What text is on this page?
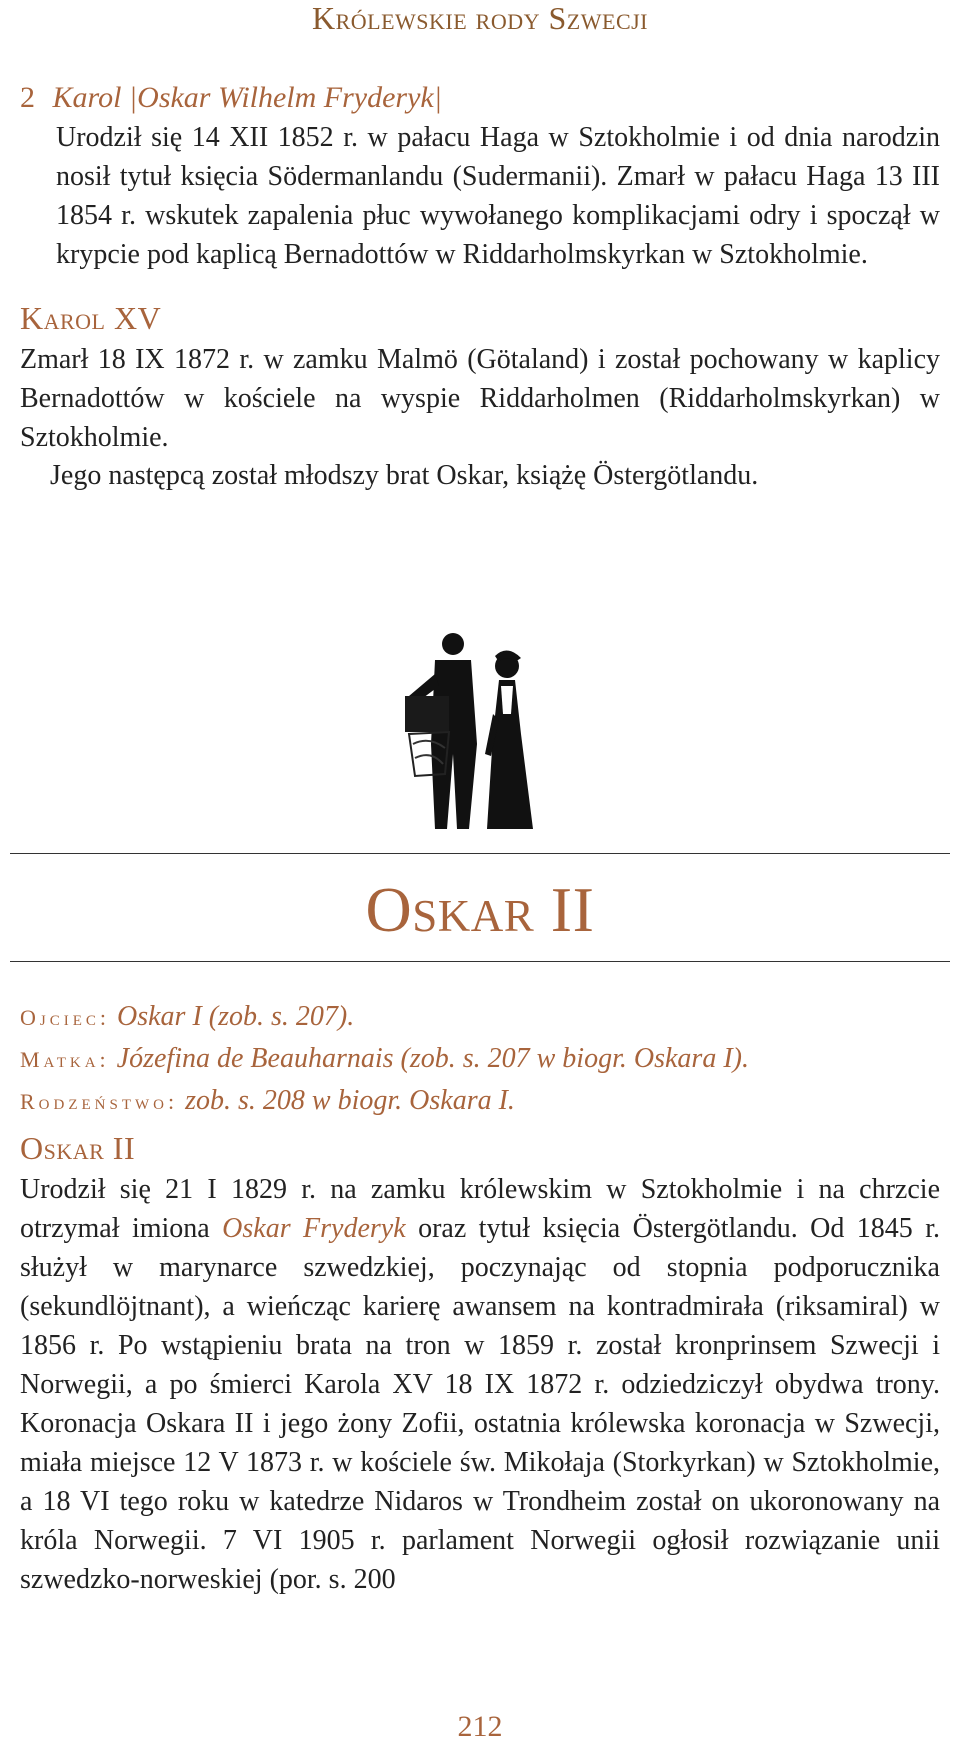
Królewskie rody Szwecji
2 Karol |Oskar Wilhelm Fryderyk|
Urodził się 14 XII 1852 r. w pałacu Haga w Sztokholmie i od dnia narodzin nosił tytuł księcia Södermanlandu (Sudermanii). Zmarł w pałacu Haga 13 III 1854 r. wskutek zapalenia płuc wywołanego komplikacjami odry i spoczął w krypcie pod kaplicą Bernadottów w Riddarholmskyrkan w Sztokholmie.
Karol XV
Zmarł 18 IX 1872 r. w zamku Malmö (Götaland) i został pochowany w kaplicy Bernadottów w kościele na wyspie Riddarholmen (Riddarholmskyrkan) w Sztokholmie.
Jego następcą został młodszy brat Oskar, książę Östergötlandu.
Oskar II
Ojciec: Oskar I (zob. s. 207).
Matka: Józefina de Beauharnais (zob. s. 207 w biogr. Oskara I).
Rodzeństwo: zob. s. 208 w biogr. Oskara I.
Oskar II
Urodził się 21 I 1829 r. na zamku królewskim w Sztokholmie i na chrzcie otrzymał imiona Oskar Fryderyk oraz tytuł księcia Östergötlandu. Od 1845 r. służył w marynarce szwedzkiej, poczynając od stopnia podporucznika (sekundlöjtnant), a wieńcząc karierę awansem na kontradmirała (riksamiral) w 1856 r. Po wstąpieniu brata na tron w 1859 r. został kronprinsem Szwecji i Norwegii, a po śmierci Karola XV 18 IX 1872 r. odziedziczył obydwa trony. Koronacja Oskara II i jego żony Zofii, ostatnia królewska koronacja w Szwecji, miała miejsce 12 V 1873 r. w kościele św. Mikołaja (Storkyrkan) w Sztokholmie, a 18 VI tego roku w katedrze Nidaros w Trondheim został on ukoronowany na króla Norwegii. 7 VI 1905 r. parlament Norwegii ogłosił rozwiązanie unii szwedzko-norweskiej (por. s. 200
212
